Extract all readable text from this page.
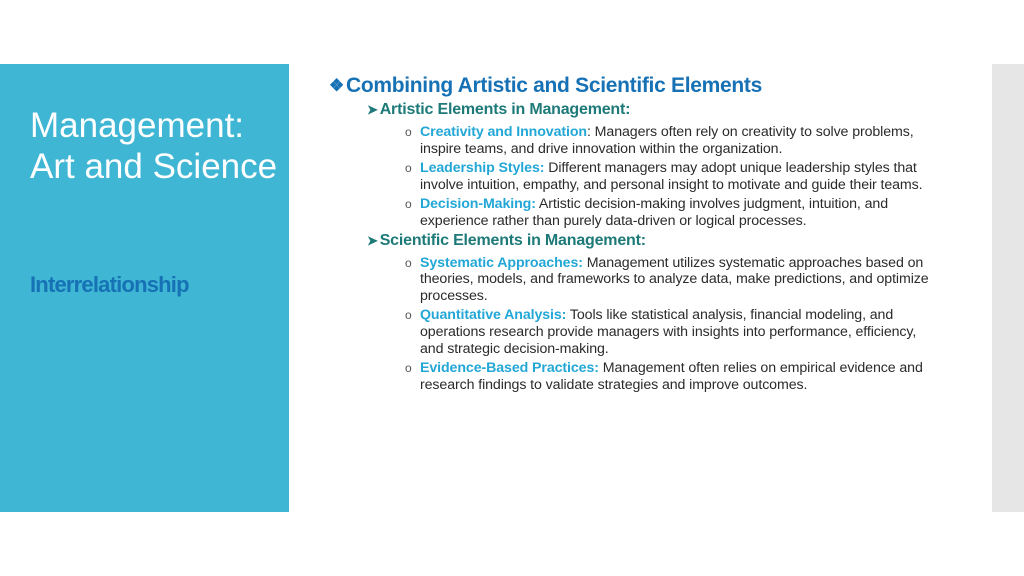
Management: Art and Science
Interrelationship
❖ Combining Artistic and Scientific Elements
➤ Artistic Elements in Management:
o Creativity and Innovation: Managers often rely on creativity to solve problems, inspire teams, and drive innovation within the organization.
o Leadership Styles: Different managers may adopt unique leadership styles that involve intuition, empathy, and personal insight to motivate and guide their teams.
o Decision-Making: Artistic decision-making involves judgment, intuition, and experience rather than purely data-driven or logical processes.
➤ Scientific Elements in Management:
o Systematic Approaches: Management utilizes systematic approaches based on theories, models, and frameworks to analyze data, make predictions, and optimize processes.
o Quantitative Analysis: Tools like statistical analysis, financial modeling, and operations research provide managers with insights into performance, efficiency, and strategic decision-making.
o Evidence-Based Practices: Management often relies on empirical evidence and research findings to validate strategies and improve outcomes.
